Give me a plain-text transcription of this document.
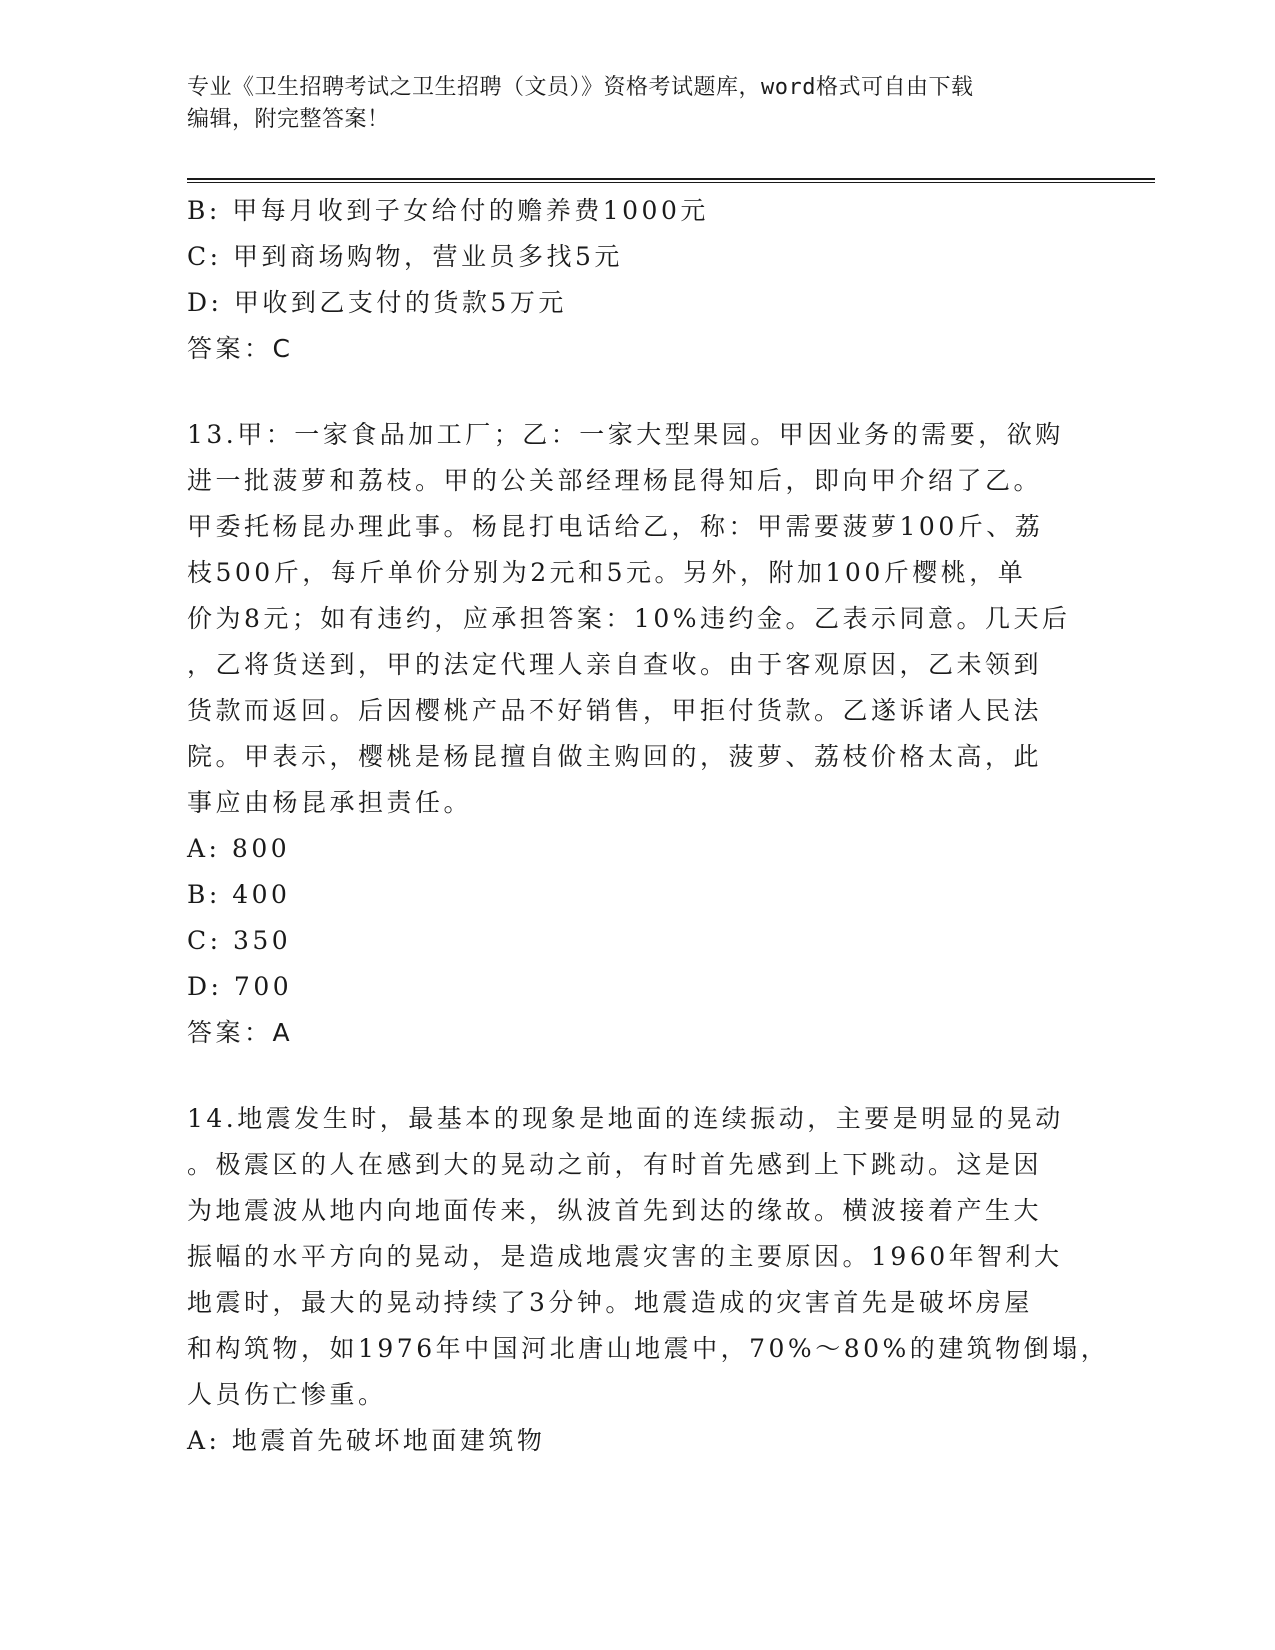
专业《卫生招聘考试之卫生招聘（文员）》资格考试题库，word格式可自由下载
编辑，附完整答案！
B: 甲每月收到子女给付的赡养费1000元
C: 甲到商场购物，营业员多找5元
D: 甲收到乙支付的货款5万元
答案：C
13.甲：一家食品加工厂；乙：一家大型果园。甲因业务的需要，欲购
进一批菠萝和荔枝。甲的公关部经理杨昆得知后，即向甲介绍了乙。
甲委托杨昆办理此事。杨昆打电话给乙，称：甲需要菠萝100斤、荔
枝500斤，每斤单价分别为2元和5元。另外，附加100斤樱桃，单
价为8元；如有违约，应承担答案：10%违约金。乙表示同意。几天后
，乙将货送到，甲的法定代理人亲自查收。由于客观原因，乙未领到
货款而返回。后因樱桃产品不好销售，甲拒付货款。乙遂诉诸人民法
院。甲表示，樱桃是杨昆擅自做主购回的，菠萝、荔枝价格太高，此
事应由杨昆承担责任。
A: 800
B: 400
C: 350
D: 700
答案：A
14.地震发生时，最基本的现象是地面的连续振动，主要是明显的晃动
。极震区的人在感到大的晃动之前，有时首先感到上下跳动。这是因
为地震波从地内向地面传来，纵波首先到达的缘故。横波接着产生大
振幅的水平方向的晃动，是造成地震灾害的主要原因。1960年智利大
地震时，最大的晃动持续了3分钟。地震造成的灾害首先是破坏房屋
和构筑物，如1976年中国河北唐山地震中，70%～80%的建筑物倒塌，
人员伤亡惨重。
A: 地震首先破坏地面建筑物
